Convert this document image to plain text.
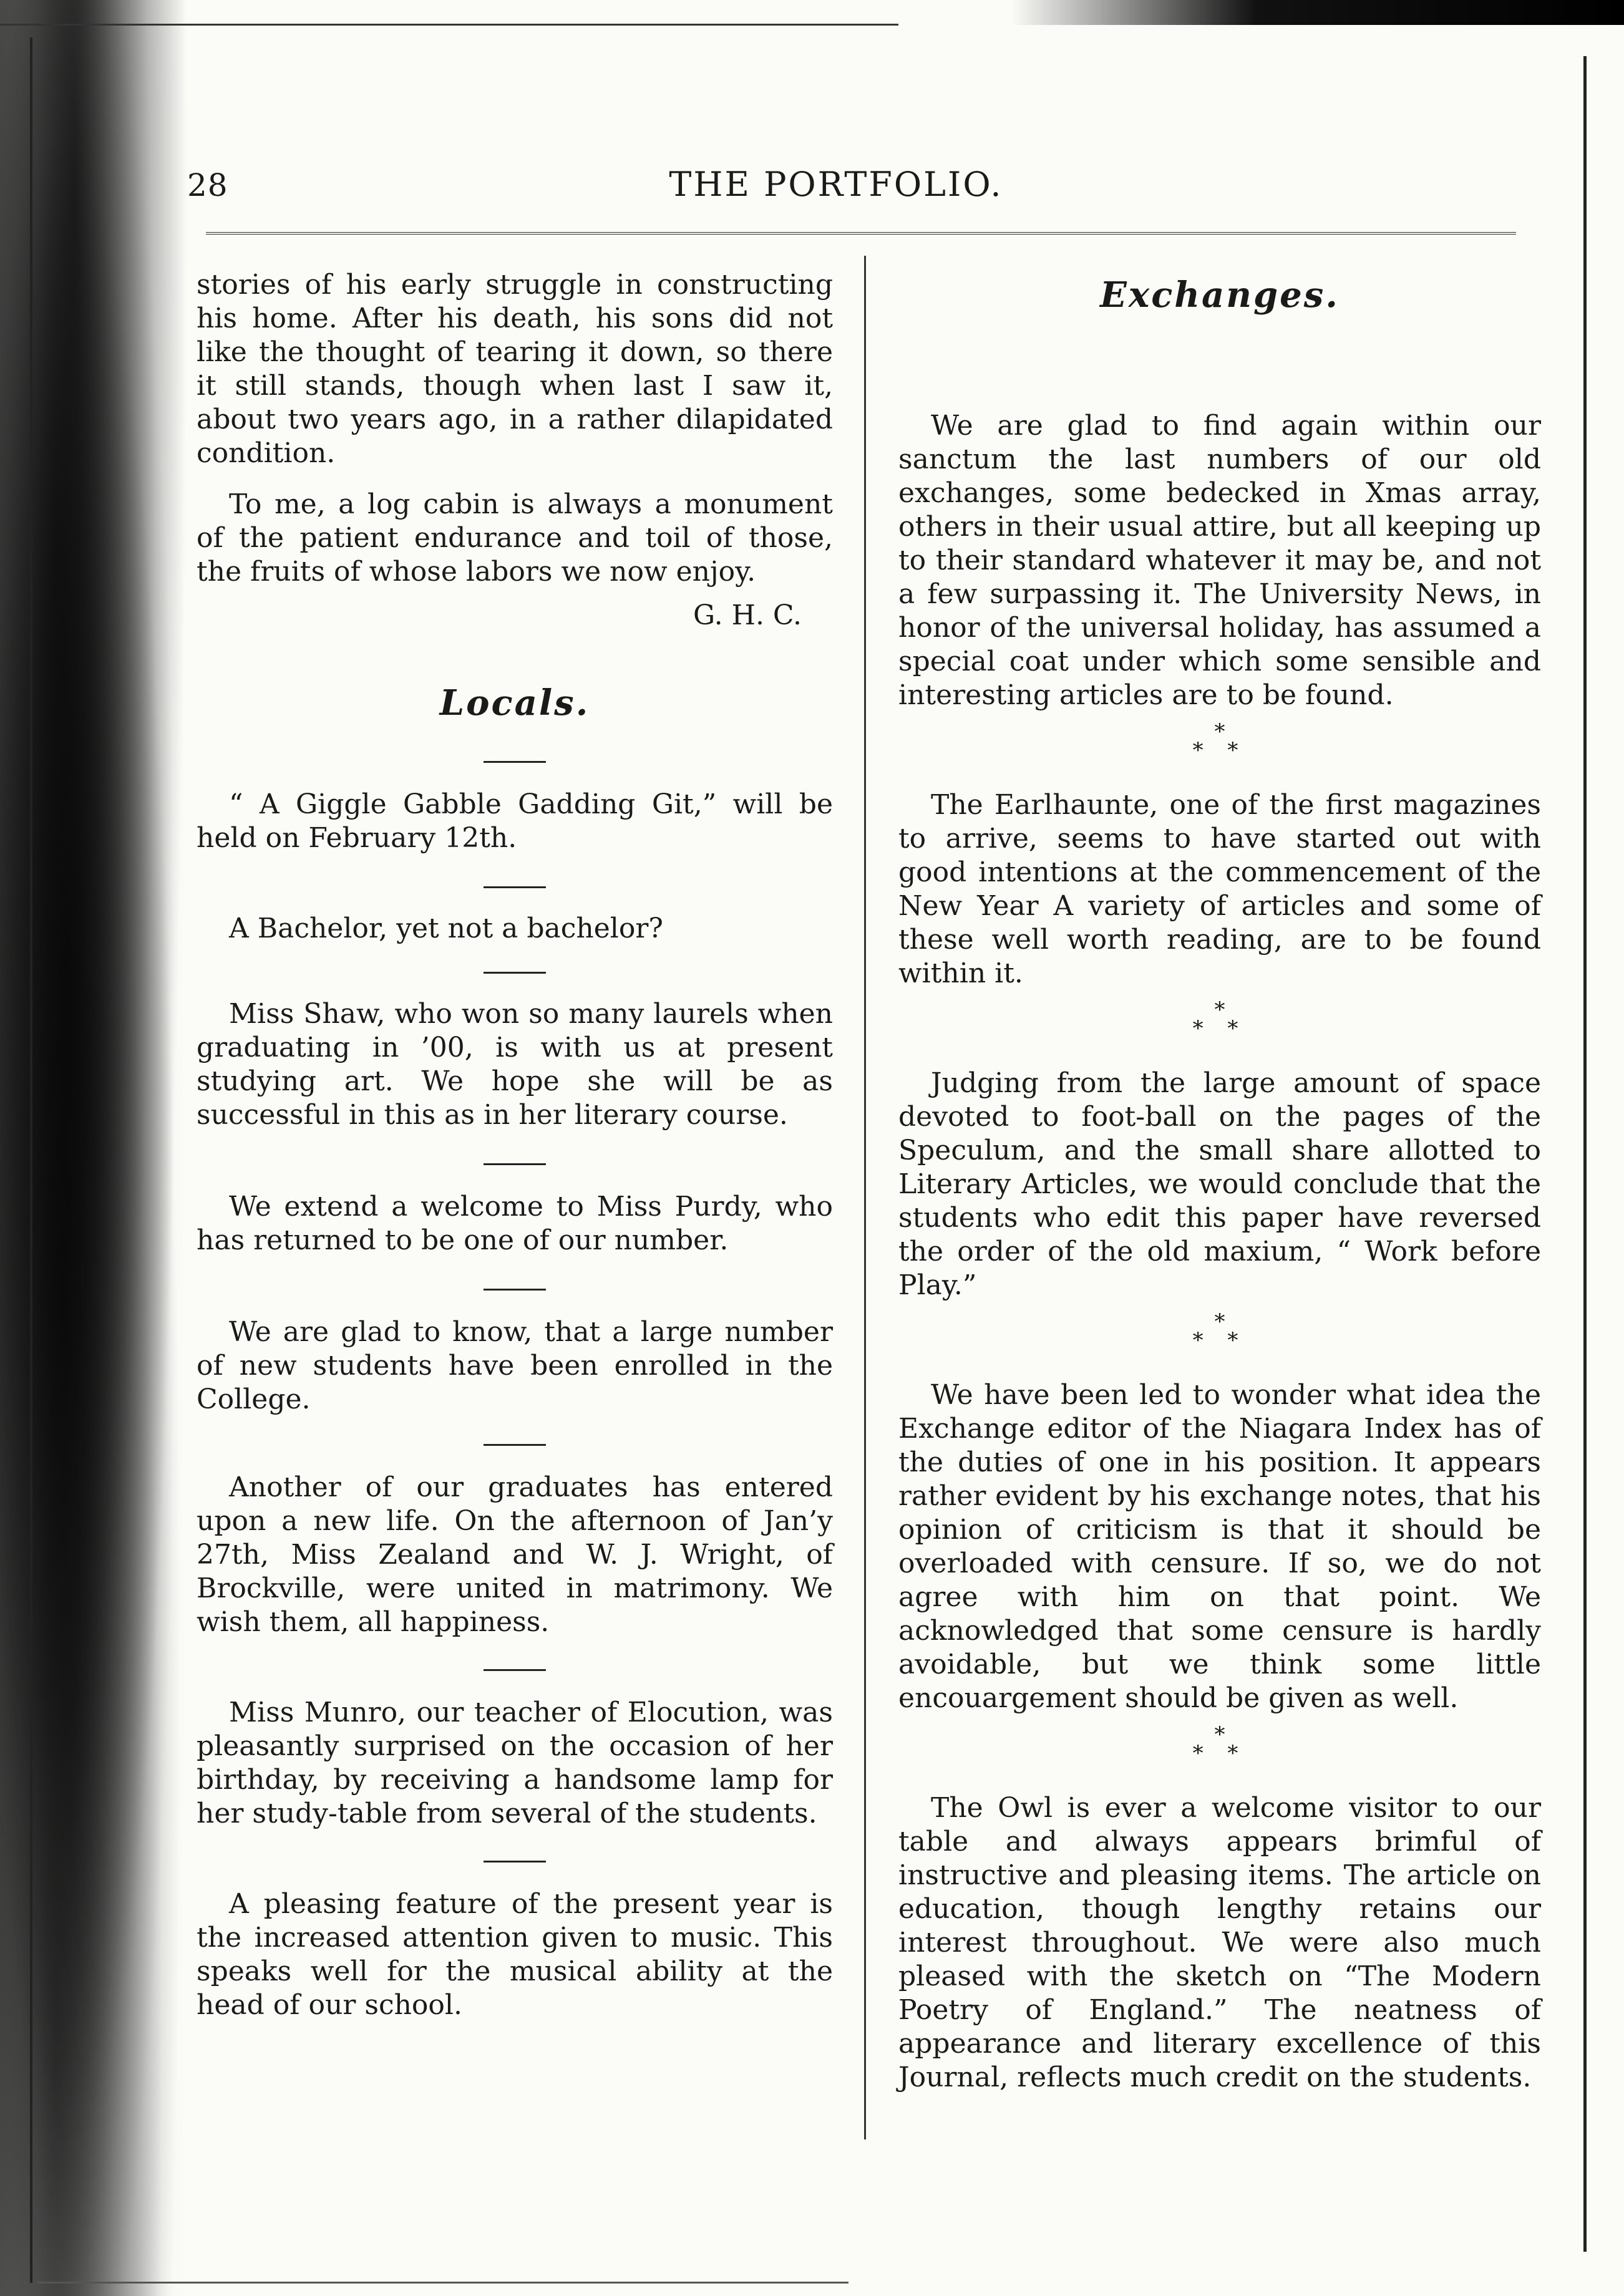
28	THE PORTFOLIO.

stories of his early struggle in constructing his home. After his death, his sons did not like the thought of tearing it down, so there it still stands, though when last I saw it, about two years ago, in a rather dilapidated condition.

To me, a log cabin is always a monument of the patient endurance and toil of those, the fruits of whose labors we now enjoy.

G. H. C.
Locals.

“ A Giggle Gabble Gadding Git,” will be held on February 12th.

A Bachelor, yet not a bachelor?

Miss Shaw, who won so many laurels when graduating in ’00, is with us at present studying art. We hope she will be as successful in this as in her literary course.

We extend a welcome to Miss Purdy, who has returned to be one of our number.

We are glad to know, that a large number of new students have been enrolled in the College.

Another of our graduates has entered upon a new life. On the afternoon of Jan’y 27th, Miss Zealand and W. J. Wright, of Brockville, were united in matrimony. We wish them, all happiness.

Miss Munro, our teacher of Elocution, was pleasantly surprised on the occasion of her birthday, by receiving a handsome lamp for her study-table from several of the students.

A pleasing feature of the present year is the increased attention given to music. This speaks well for the musical ability at the head of our school.

Exchanges.

We are glad to find again within our sanctum the last numbers of our old exchanges, some bedecked in Xmas array, others in their usual attire, but all keeping up to their standard whatever it may be, and not a few surpassing it. The University News, in honor of the universal holiday, has assumed a special coat under which some sensible and interesting articles are to be found.

*
* *

The Earlhaunte, one of the first magazines to arrive, seems to have started out with good intentions at the commencement of the New Year A variety of articles and some of these well worth reading, are to be found within it.

*
* *

Judging from the large amount of space devoted to foot-ball on the pages of the Speculum, and the small share allotted to Literary Articles, we would conclude that the students who edit this paper have reversed the order of the old maxium, “ Work before Play.”

*
* *

We have been led to wonder what idea the Exchange editor of the Niagara Index has of the duties of one in his position. It appears rather evident by his exchange notes, that his opinion of criticism is that it should be overloaded with censure. If so, we do not agree with him on that point. We acknowledged that some censure is hardly avoidable, but we think some little encouargement should be given as well.

*
* *

The Owl is ever a welcome visitor to our table and always appears brimful of instructive and pleasing items. The article on education, though lengthy retains our interest throughout. We were also much pleased with the sketch on “The Modern Poetry of England.” The neatness of appearance and literary excellence of this Journal, reflects much credit on the students.
